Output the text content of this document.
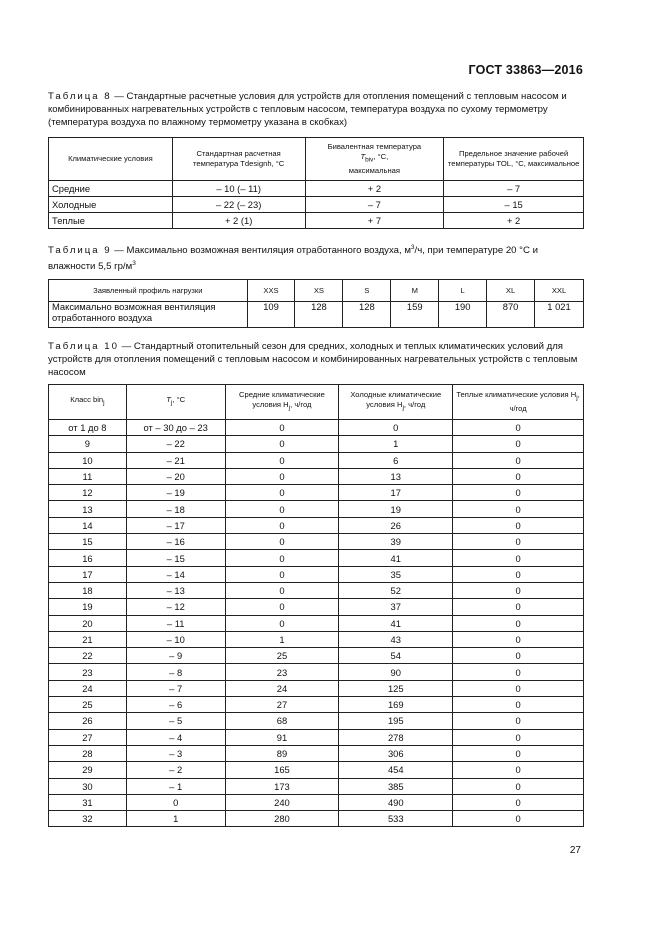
ГОСТ 33863—2016
Таблица 8 — Стандартные расчетные условия для устройств для отопления помещений с тепловым насосом и комбинированных нагревательных устройств с тепловым насосом, температура воздуха по сухому термометру (температура воздуха по влажному термометру указана в скобках)
Климатические условия	Стандартная расчетная температура Tdesignh, °С	Бивалентная температура
$T_{biv}$, °С,
максимальная	Предельное значение рабочей температуры TOL, °С, максимальное
Средние	– 10 (– 11)	+ 2	– 7
Холодные	– 22 (– 23)	– 7	– 15
Теплые	+ 2 (1)	+ 7	+ 2
Таблица 9 — Максимально возможная вентиляция отработанного воздуха, $м^3/ч$, при температуре 20 °С и влажности 5,5 $гр/м^3$
Заявленный профиль нагрузки	XXS	XS	S	M	L	XL	XXL
Максимально возможная вентиляция отработанного воздуха	109	128	128	159	190	870	1 021
Таблица 10 — Стандартный отопительный сезон для средних, холодных и теплых климатических условий для устройств для отопления помещений с тепловым насосом и комбинированных нагревательных устройств с тепловым насосом
Класс bin$_j$	$T_j$, °С	Средние климатические условия $H_j$, ч/год	Холодные климатические условия $H_j$, ч/год	Теплые климатические условия $H_j$, ч/год
от 1 до 8	от – 30 до – 23	0	0	0
9	– 22	0	1	0
10	– 21	0	6	0
11	– 20	0	13	0
12	– 19	0	17	0
13	– 18	0	19	0
14	– 17	0	26	0
15	– 16	0	39	0
16	– 15	0	41	0
17	– 14	0	35	0
18	– 13	0	52	0
19	– 12	0	37	0
20	– 11	0	41	0
21	– 10	1	43	0
22	– 9	25	54	0
23	– 8	23	90	0
24	– 7	24	125	0
25	– 6	27	169	0
26	– 5	68	195	0
27	– 4	91	278	0
28	– 3	89	306	0
29	– 2	165	454	0
30	– 1	173	385	0
31	0	240	490	0
32	1	280	533	0
27
